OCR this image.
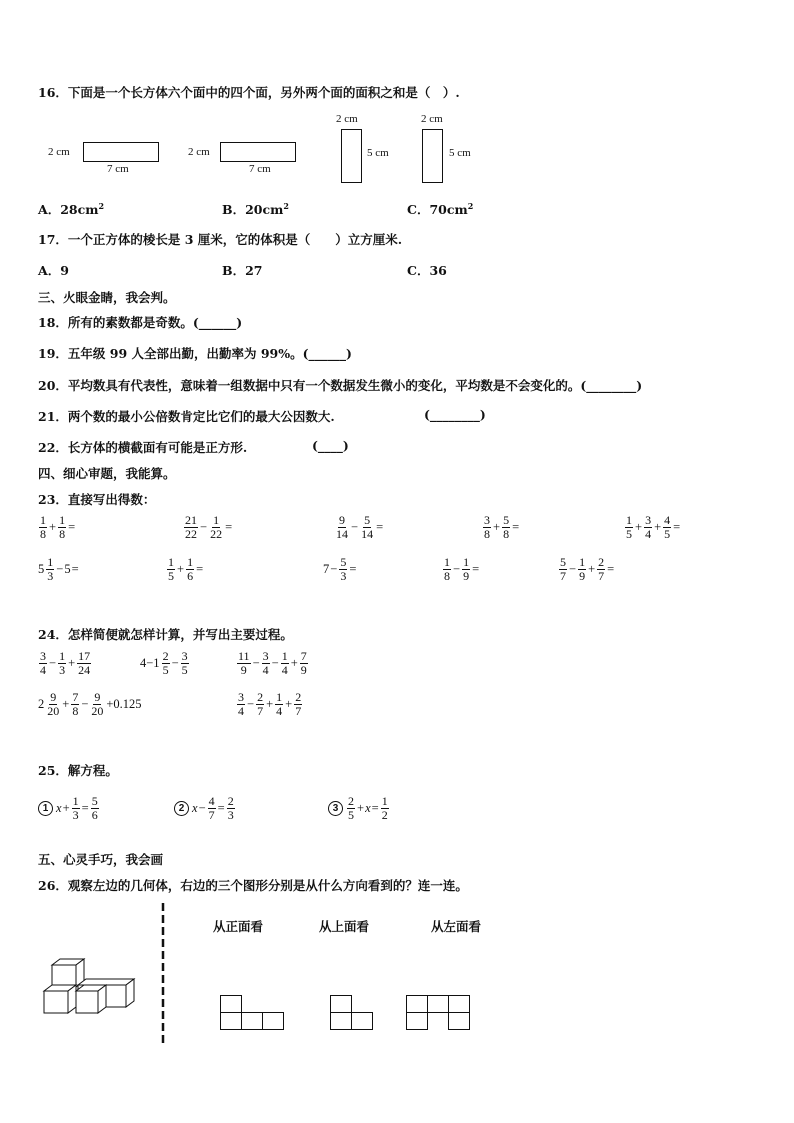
16．下面是一个长方体六个面中的四个面，另外两个面的面积之和是（　）.
2 cm
7 cm
2 cm
7 cm
2 cm
5 cm
2 cm
5 cm
A．$28cm^2$	B．$20cm^2$	C．$70cm^2$
17．一个正方体的棱长是 3 厘米，它的体积是（　　）立方厘米.
A．9	B．27	C．36
三、火眼金睛，我会判。
18．所有的素数都是奇数。(______)
19．五年级 99 人全部出勤，出勤率为 99%。(______)
20．平均数具有代表性，意味着一组数据中只有一个数据发生微小的变化，平均数是不会变化的。(________)
21．两个数的最小公倍数肯定比它们的最大公因数大.	(________)
22．长方体的横截面有可能是正方形.	(____)
四、细心审题，我能算。
23．直接写出得数：
$\frac{1}{8} + \frac{1}{8}$ =	$\frac{21}{22} - \frac{1}{22}$ =	$\frac{9}{14} - \frac{5}{14}$ =	$\frac{3}{8} + \frac{5}{8}$ =	$\frac{1}{5} + \frac{3}{4} + \frac{4}{5}$ =
$5 \frac{1}{3} - 5$ =	$\frac{1}{5} + \frac{1}{6}$ =	$7 - \frac{5}{3}$ =	$\frac{1}{8} - \frac{1}{9}$ =	$\frac{5}{7} - \frac{1}{9} + \frac{2}{7}$ =
24．怎样简便就怎样计算，并写出主要过程。
$\frac{3}{4} - \frac{1}{3} + \frac{17}{24}$	$4-1 \frac{2}{5} - \frac{3}{5}$	$\frac{11}{9} - \frac{3}{4} - \frac{1}{4} + \frac{7}{9}$
$2 \frac{9}{20} + \frac{7}{8} - \frac{9}{20} +0.125$	$\frac{3}{4} - \frac{2}{7} + \frac{1}{4} + \frac{2}{7}$
25．解方程。
1 $x + \frac{1}{3} = \frac{5}{6}$	2 $x - \frac{4}{7} = \frac{2}{3}$	$3 \frac{2}{5} + x = \frac{1}{2}$
五、心灵手巧，我会画
26．观察左边的几何体，右边的三个图形分别是从什么方向看到的？连一连。
从正面看	从上面看	从左面看
